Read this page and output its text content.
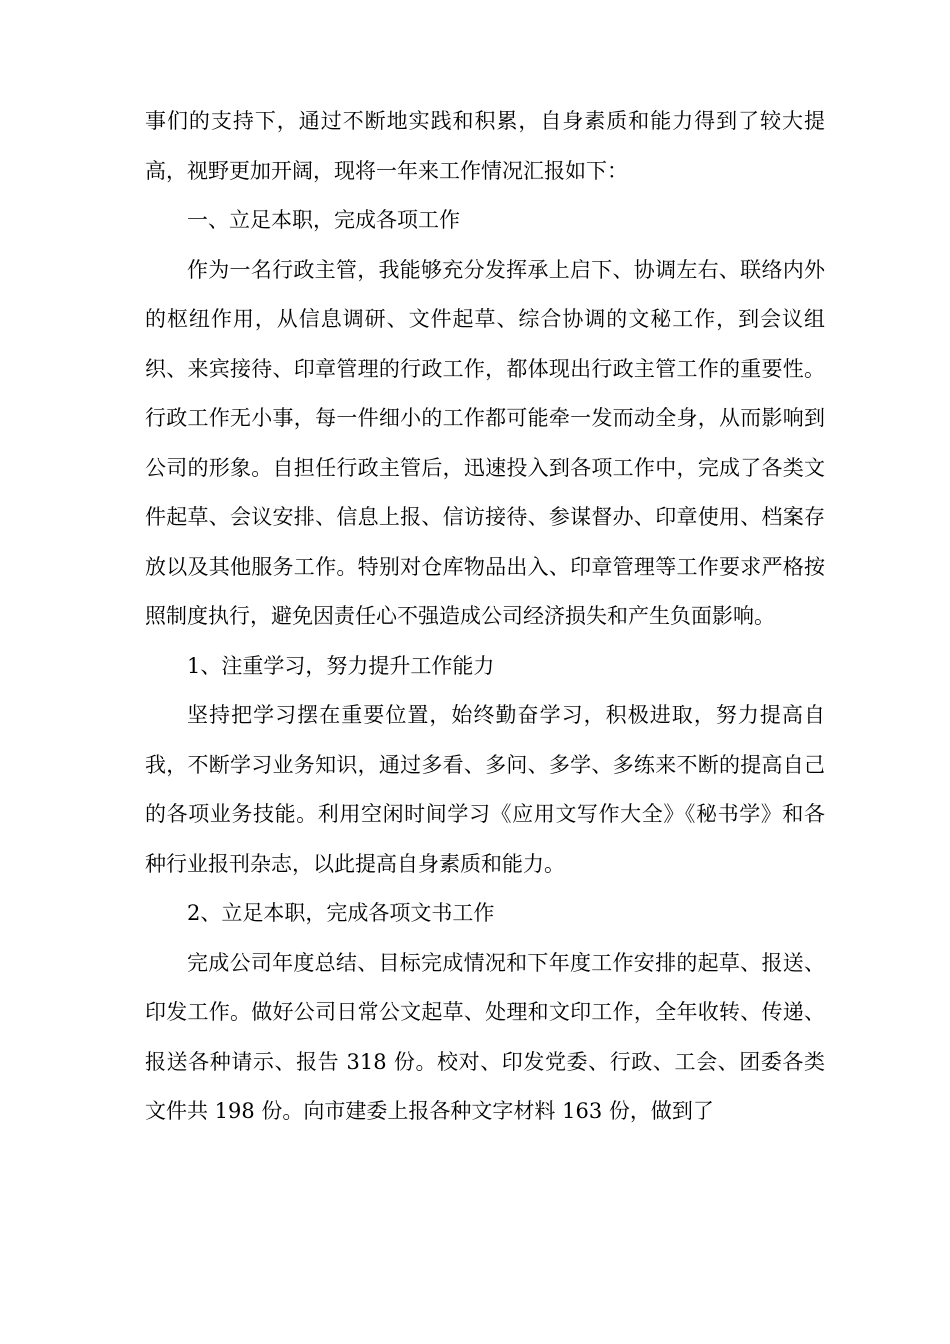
事们的支持下，通过不断地实践和积累，自身素质和能力得到了较大提高，视野更加开阔，现将一年来工作情况汇报如下：

一、立足本职，完成各项工作

作为一名行政主管，我能够充分发挥承上启下、协调左右、联络内外的枢纽作用，从信息调研、文件起草、综合协调的文秘工作，到会议组织、来宾接待、印章管理的行政工作，都体现出行政主管工作的重要性。行政工作无小事，每一件细小的工作都可能牵一发而动全身，从而影响到公司的形象。自担任行政主管后，迅速投入到各项工作中，完成了各类文件起草、会议安排、信息上报、信访接待、参谋督办、印章使用、档案存放以及其他服务工作。特别对仓库物品出入、印章管理等工作要求严格按照制度执行，避免因责任心不强造成公司经济损失和产生负面影响。

1、注重学习，努力提升工作能力

坚持把学习摆在重要位置，始终勤奋学习，积极进取，努力提高自我，不断学习业务知识，通过多看、多问、多学、多练来不断的提高自己的各项业务技能。利用空闲时间学习《应用文写作大全》《秘书学》和各种行业报刊杂志，以此提高自身素质和能力。

2、立足本职，完成各项文书工作

完成公司年度总结、目标完成情况和下年度工作安排的起草、报送、印发工作。做好公司日常公文起草、处理和文印工作，全年收转、传递、报送各种请示、报告 318 份。校对、印发党委、行政、工会、团委各类文件共 198 份。向市建委上报各种文字材料 163 份，做到了
